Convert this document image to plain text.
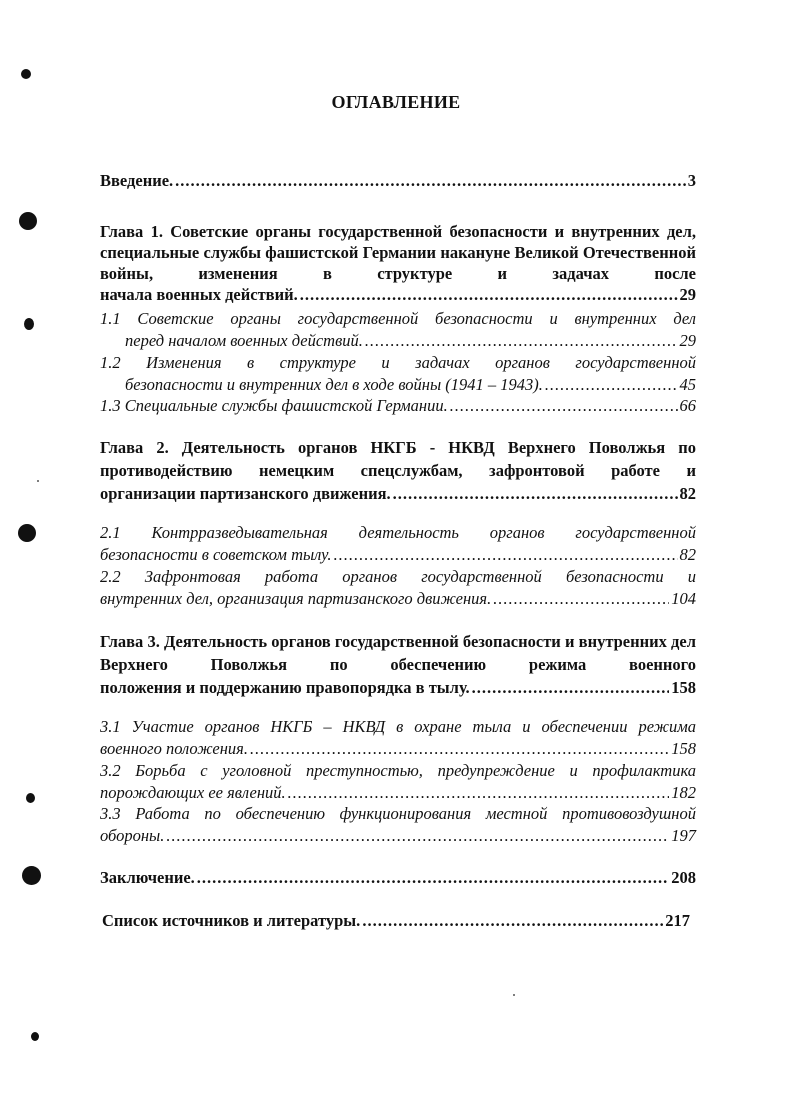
ОГЛАВЛЕНИЕ
Введение. .....	3
Глава 1. Советские органы государственной безопасности и внутренних дел, специальные службы фашистской Германии накануне Великой Отечественной войны, изменения в структуре и задачах после
начала военных действий. .....	29
1.1 Советские органы государственной безопасности и внутренних дел
перед началом военных действий. .....	29
1.2 Изменения в структуре и задачах органов государственной
безопасности и внутренних дел в ходе войны (1941 – 1943). .....	45
1.3 Специальные службы фашистской Германии. .....	66
Глава 2. Деятельность органов НКГБ - НКВД Верхнего Поволжья по противодействию немецким спецслужбам, зафронтовой работе и
организации партизанского движения. .....	82
2.1 Контрразведывательная деятельность органов государственной
безопасности в советском тылу. .....	82
2.2 Зафронтовая работа органов государственной безопасности и
внутренних дел, организация партизанского движения. .....	104
Глава 3. Деятельность органов государственной безопасности и внутренних дел Верхнего Поволжья по обеспечению режима военного
положения и поддержанию правопорядка в тылу. .....	158
3.1 Участие органов НКГБ – НКВД в охране тыла и обеспечении режима
военного положения. .....	158
3.2 Борьба с уголовной преступностью, предупреждение и профилактика
порождающих ее явлений. .....	182
3.3 Работа по обеспечению функционирования местной противовоздушной
обороны. .....	197
Заключение. .....	208
Список источников и литературы. .....	217
